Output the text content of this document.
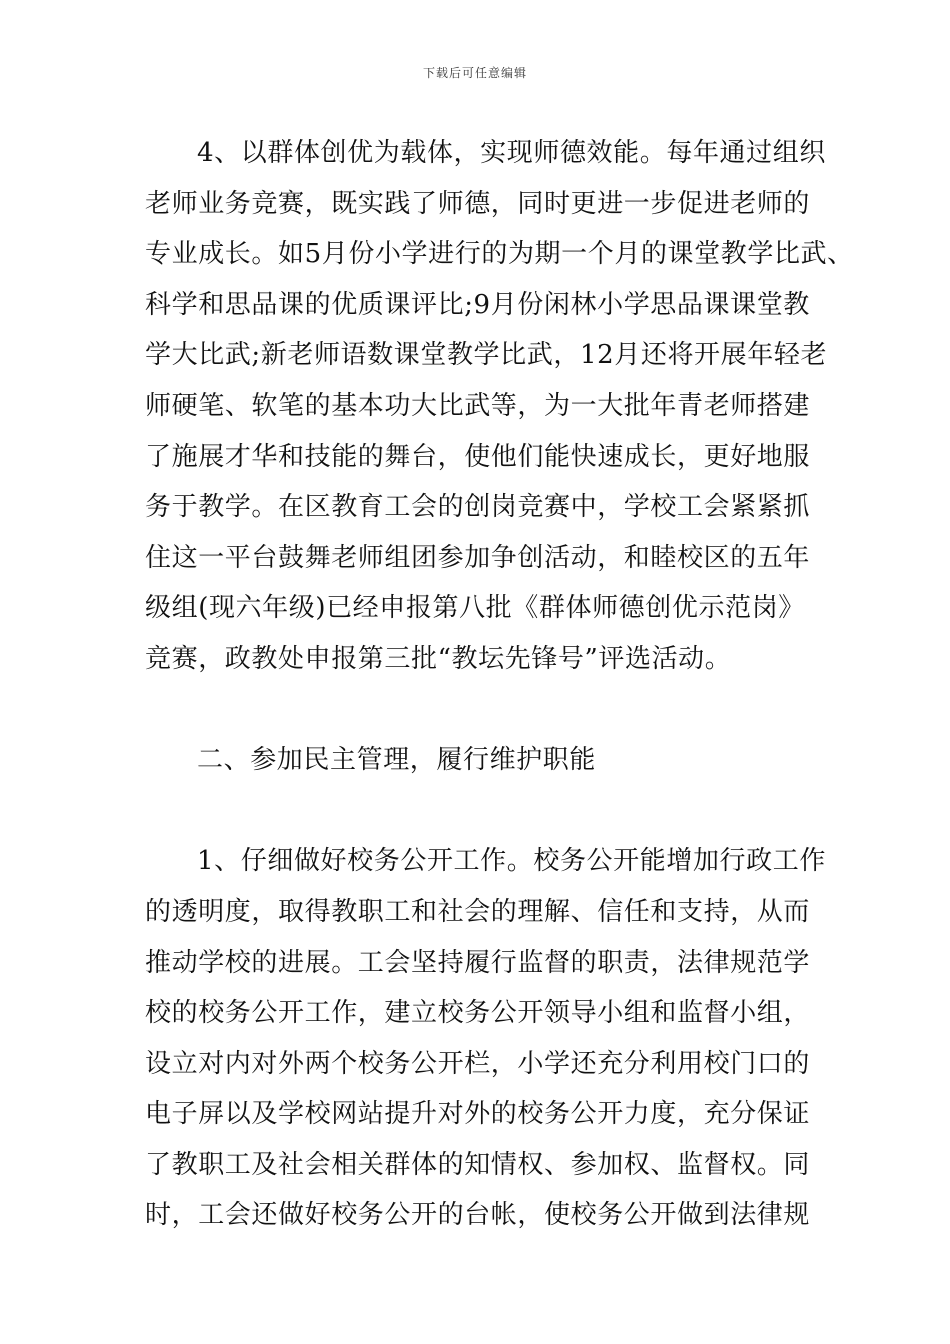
下载后可任意编辑
4、以群体创优为载体，实现师德效能。每年通过组织
老师业务竞赛，既实践了师德，同时更进一步促进老师的
专业成长。如5月份小学进行的为期一个月的课堂教学比武、
科学和思品课的优质课评比;9月份闲林小学思品课课堂教
学大比武;新老师语数课堂教学比武，12月还将开展年轻老
师硬笔、软笔的基本功大比武等，为一大批年青老师搭建
了施展才华和技能的舞台，使他们能快速成长，更好地服
务于教学。在区教育工会的创岗竞赛中，学校工会紧紧抓
住这一平台鼓舞老师组团参加争创活动，和睦校区的五年
级组(现六年级)已经申报第八批《群体师德创优示范岗》
竞赛，政教处申报第三批“教坛先锋号”评选活动。
二、参加民主管理，履行维护职能
1、仔细做好校务公开工作。校务公开能增加行政工作
的透明度，取得教职工和社会的理解、信任和支持，从而
推动学校的进展。工会坚持履行监督的职责，法律规范学
校的校务公开工作，建立校务公开领导小组和监督小组，
设立对内对外两个校务公开栏，小学还充分利用校门口的
电子屏以及学校网站提升对外的校务公开力度，充分保证
了教职工及社会相关群体的知情权、参加权、监督权。同
时，工会还做好校务公开的台帐，使校务公开做到法律规
